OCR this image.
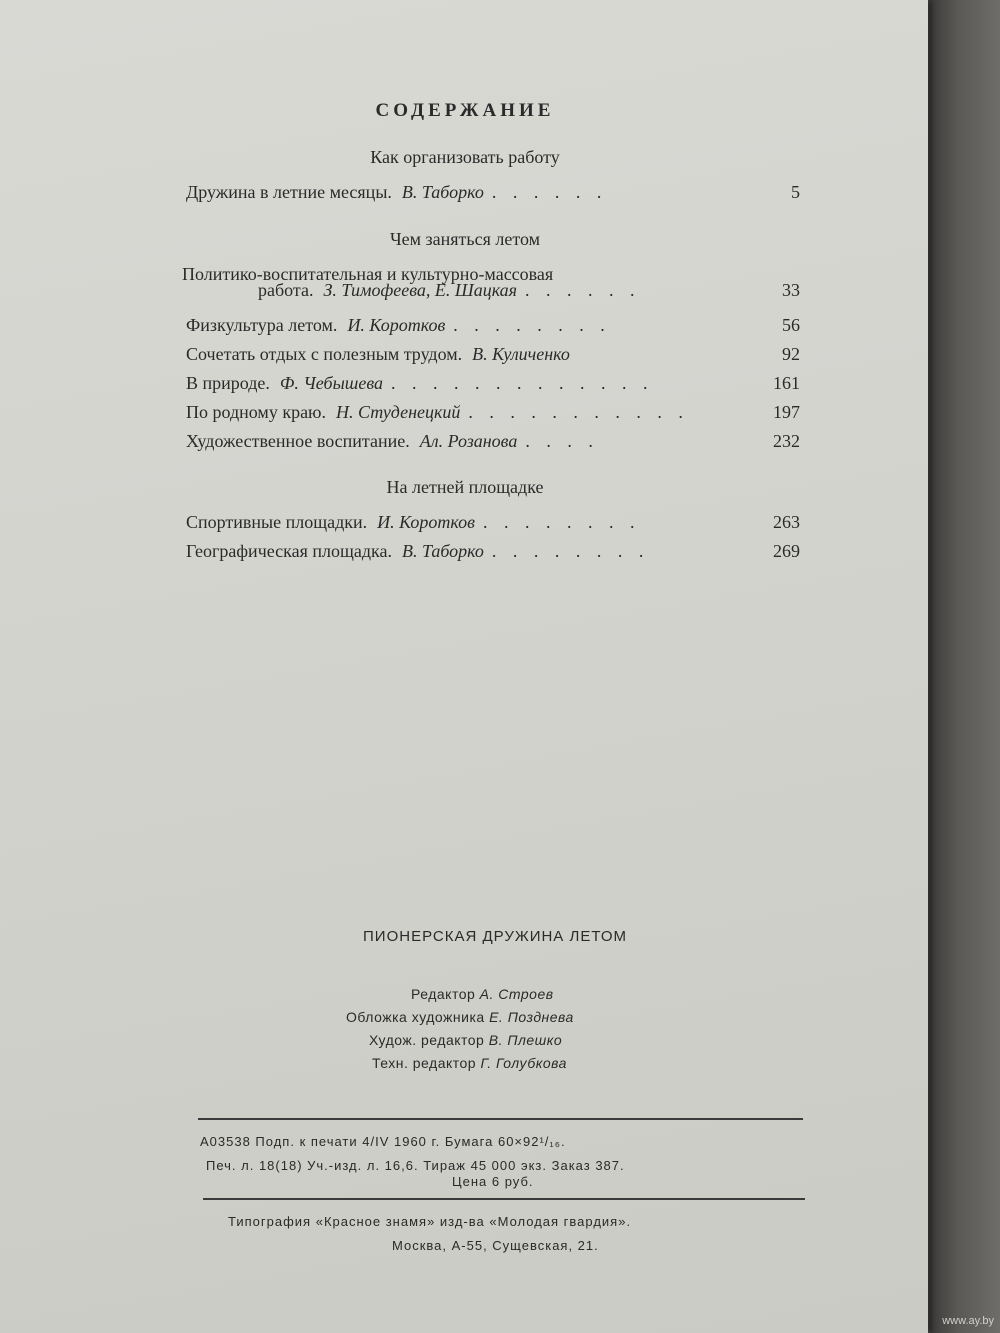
СОДЕРЖАНИЕ
Как организовать работу
Дружина в летние месяцы. В. Таборко . . . . . .	5
Чем заняться летом
Политико-воспитательная и культурно-массовая
работа. З. Тимофеева, Е. Шацкая . . . . . .	33
Физкультура летом. И. Коротков . . . . . . . .	56
Сочетать отдых с полезным трудом. В. Куличенко	92
В природе. Ф. Чебышева . . . . . . . . . . . . .	161
По родному краю. Н. Студенецкий . . . . . . . . . . .	197
Художественное воспитание. Ал. Розанова . . . .	232
На летней площадке
Спортивные площадки. И. Коротков . . . . . . . .	263
Географическая площадка. В. Таборко . . . . . . . .	269
ПИОНЕРСКАЯ ДРУЖИНА ЛЕТОМ
Редактор А. Строев
Обложка художника Е. Позднева
Худож. редактор В. Плешко
Техн. редактор Г. Голубкова
А03538 Подп. к печати 4/IV 1960 г. Бумага 60×92¹/₁₆.
Печ. л. 18(18) Уч.-изд. л. 16,6. Тираж 45 000 экз. Заказ 387.
Цена 6 руб.
Типография «Красное знамя» изд-ва «Молодая гвардия».
Москва, А-55, Сущевская, 21.
www.ay.by
